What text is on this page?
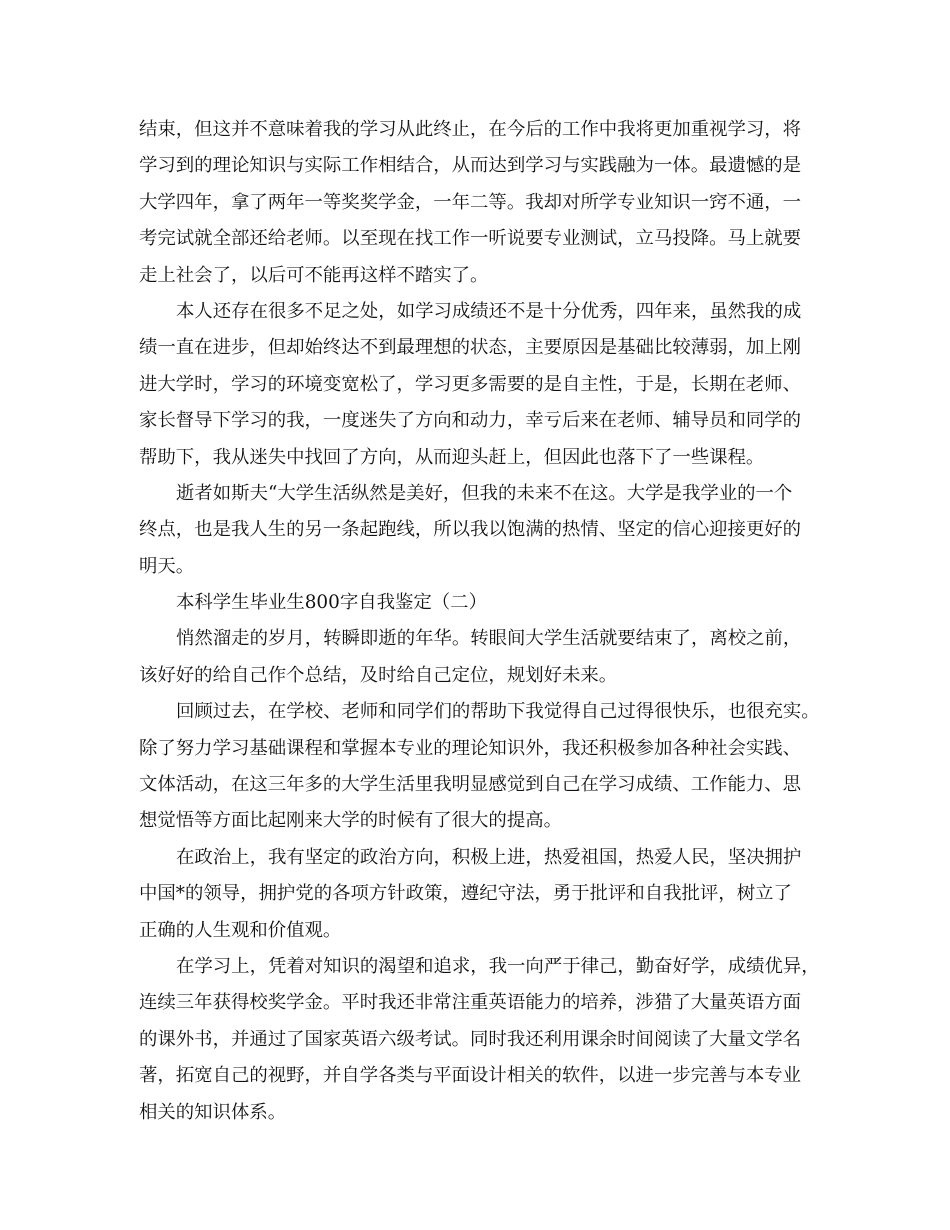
结束，但这并不意味着我的学习从此终止，在今后的工作中我将更加重视学习，将
学习到的理论知识与实际工作相结合，从而达到学习与实践融为一体。最遗憾的是
大学四年，拿了两年一等奖奖学金，一年二等。我却对所学专业知识一窍不通，一
考完试就全部还给老师。以至现在找工作一听说要专业测试，立马投降。马上就要
走上社会了，以后可不能再这样不踏实了。
本人还存在很多不足之处，如学习成绩还不是十分优秀，四年来，虽然我的成
绩一直在进步，但却始终达不到最理想的状态，主要原因是基础比较薄弱，加上刚
进大学时，学习的环境变宽松了，学习更多需要的是自主性，于是，长期在老师、
家长督导下学习的我，一度迷失了方向和动力，幸亏后来在老师、辅导员和同学的
帮助下，我从迷失中找回了方向，从而迎头赶上，但因此也落下了一些课程。
逝者如斯夫“大学生活纵然是美好，但我的未来不在这。大学是我学业的一个
终点，也是我人生的另一条起跑线，所以我以饱满的热情、坚定的信心迎接更好的
明天。
本科学生毕业生800字自我鉴定（二）
悄然溜走的岁月，转瞬即逝的年华。转眼间大学生活就要结束了，离校之前，
该好好的给自己作个总结，及时给自己定位，规划好未来。
回顾过去，在学校、老师和同学们的帮助下我觉得自己过得很快乐，也很充实。
除了努力学习基础课程和掌握本专业的理论知识外，我还积极参加各种社会实践、
文体活动，在这三年多的大学生活里我明显感觉到自己在学习成绩、工作能力、思
想觉悟等方面比起刚来大学的时候有了很大的提高。
在政治上，我有坚定的政治方向，积极上进，热爱祖国，热爱人民，坚决拥护
中国*的领导，拥护党的各项方针政策，遵纪守法，勇于批评和自我批评，树立了
正确的人生观和价值观。
在学习上，凭着对知识的渴望和追求，我一向严于律己，勤奋好学，成绩优异，
连续三年获得校奖学金。平时我还非常注重英语能力的培养，涉猎了大量英语方面
的课外书，并通过了国家英语六级考试。同时我还利用课余时间阅读了大量文学名
著，拓宽自己的视野，并自学各类与平面设计相关的软件，以进一步完善与本专业
相关的知识体系。
